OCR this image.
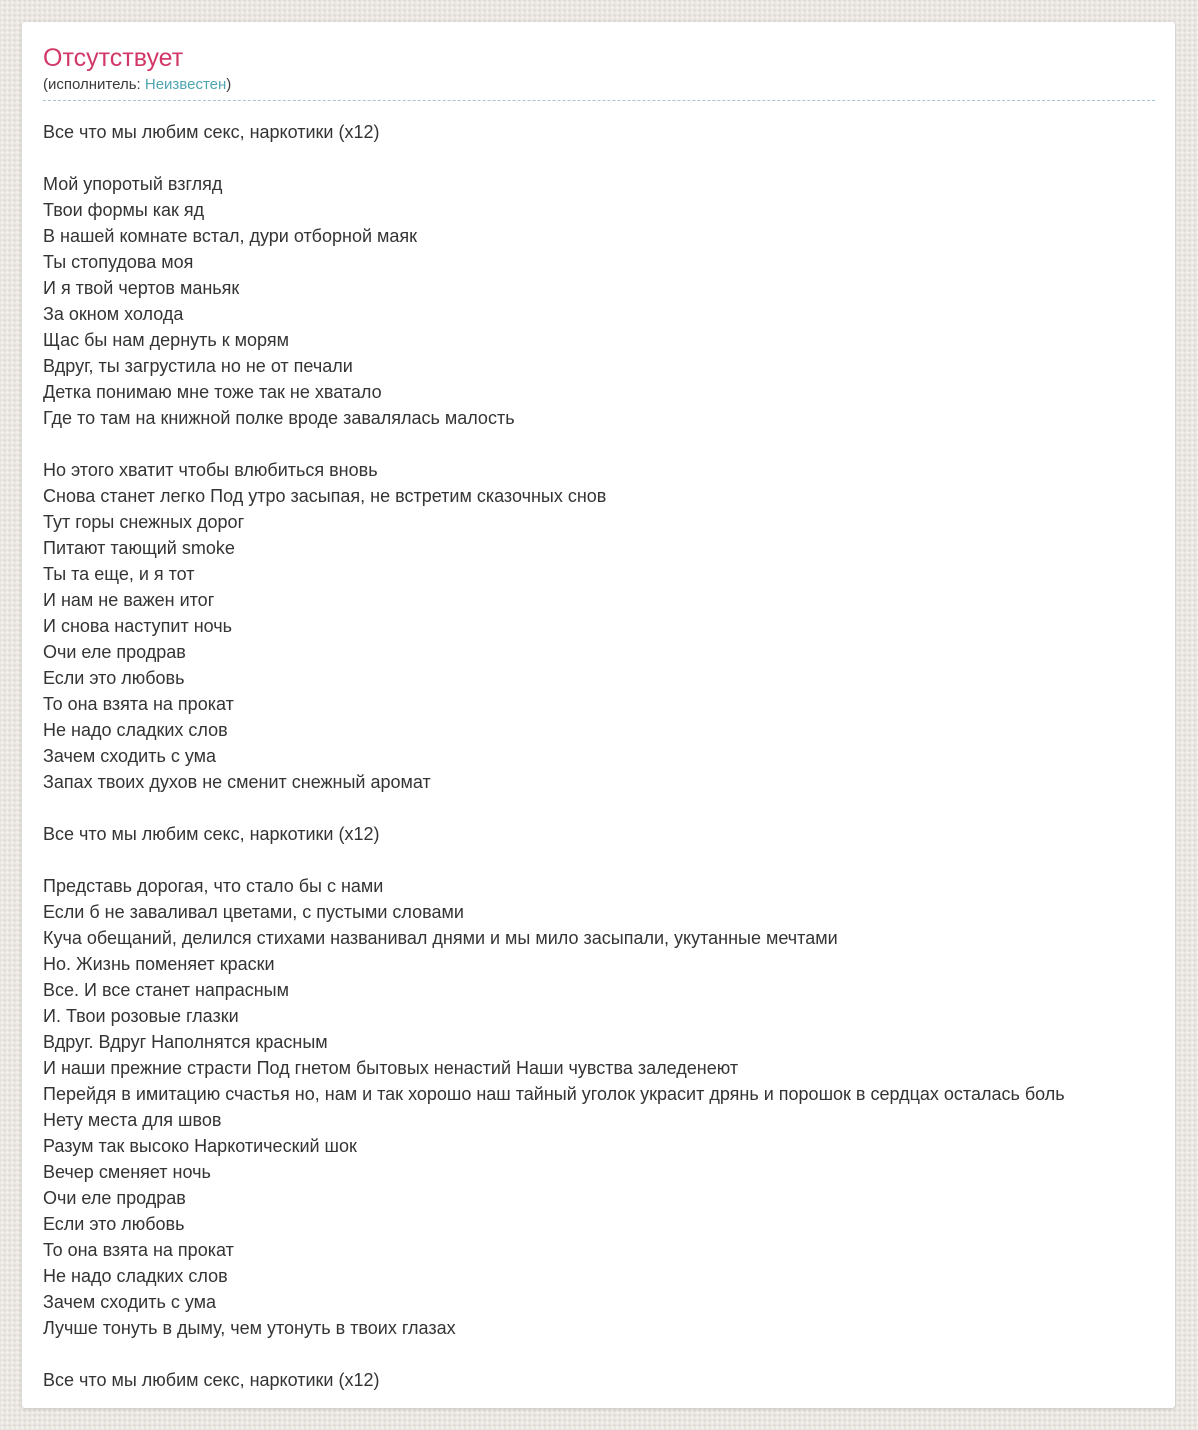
Отсутствует
(исполнитель: Неизвестен)
Все что мы любим секс, наркотики (x12)

Мой упоротый взгляд
Твои формы как яд
В нашей комнате встал, дури отборной маяк
Ты стопудова моя
И я твой чертов маньяк
За окном холода
Щас бы нам дернуть к морям
Вдруг, ты загрустила но не от печали
Детка понимаю мне тоже так не хватало
Где то там на книжной полке вроде завалялась малость

Но этого хватит чтобы влюбиться вновь
Снова станет легко Под утро засыпая, не встретим сказочных снов
Тут горы снежных дорог
Питают тающий smoke
Ты та еще, и я тот
И нам не важен итог
И снова наступит ночь
Очи еле продрав
Если это любовь
То она взята на прокат
Не надо сладких слов
Зачем сходить с ума
Запах твоих духов не сменит снежный аромат

Все что мы любим секс, наркотики (x12)

Представь дорогая, что стало бы с нами
Если б не заваливал цветами, с пустыми словами
Куча обещаний, делился стихами названивал днями и мы мило засыпали, укутанные мечтами
Но. Жизнь поменяет краски
Все. И все станет напрасным
И. Твои розовые глазки
Вдруг. Вдруг Наполнятся красным
И наши прежние страсти Под гнетом бытовых ненастий Наши чувства заледенеют
Перейдя в имитацию счастья но, нам и так хорошо наш тайный уголок украсит дрянь и порошок в сердцах осталась боль
Нету места для швов
Разум так высоко Наркотический шок
Вечер сменяет ночь
Очи еле продрав
Если это любовь
То она взята на прокат
Не надо сладких слов
Зачем сходить с ума
Лучше тонуть в дыму, чем утонуть в твоих глазах

Все что мы любим секс, наркотики (x12)
